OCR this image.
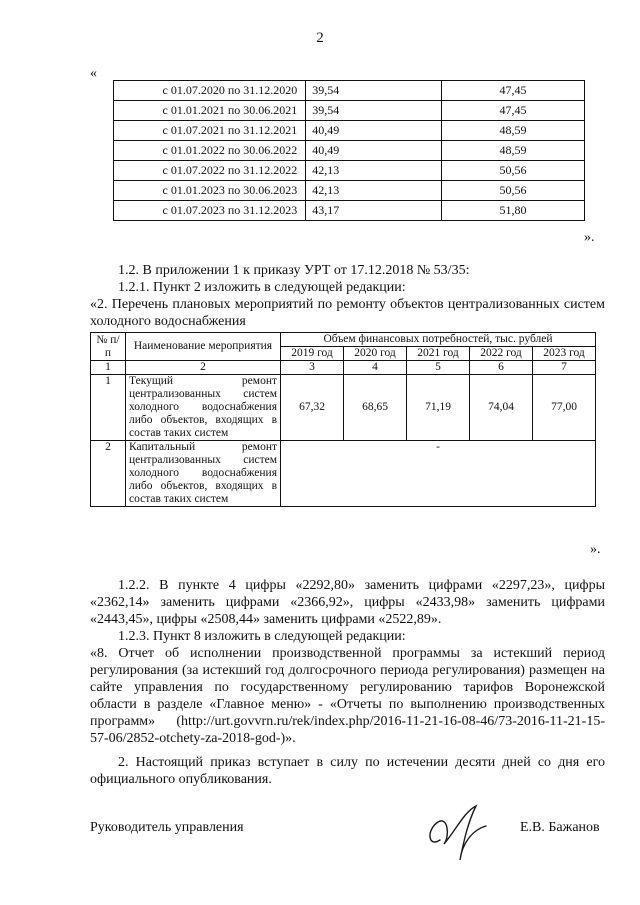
2
«
с 01.07.2020 по 31.12.2020	39,54	47,45
с 01.01.2021 по 30.06.2021	39,54	47,45
с 01.07.2021 по 31.12.2021	40,49	48,59
с 01.01.2022 по 30.06.2022	40,49	48,59
с 01.07.2022 по 31.12.2022	42,13	50,56
с 01.01.2023 по 30.06.2023	42,13	50,56
с 01.07.2023 по 31.12.2023	43,17	51,80
».
1.2. В приложении 1 к приказу УРТ от 17.12.2018 № 53/35:
1.2.1. Пункт 2 изложить в следующей редакции:
«2. Перечень плановых мероприятий по ремонту объектов централизованных систем холодного водоснабжения
№ п/п	Наименование мероприятия	Объем финансовых потребностей, тыс. рублей				
		2019 год	2020 год	2021 год	2022 год	2023 год
1	2	3	4	5	6	7
1	Текущий ремонт централизованных систем холодного водоснабжения либо объектов, входящих в состав таких систем	67,32	68,65	71,19	74,04	77,00
2	Капитальный ремонт централизованных систем холодного водоснабжения либо объектов, входящих в состав таких систем	-				
».
1.2.2. В пункте 4 цифры «2292,80» заменить цифрами «2297,23», цифры «2362,14» заменить цифрами «2366,92», цифры «2433,98» заменить цифрами «2443,45», цифры «2508,44» заменить цифрами «2522,89».
1.2.3. Пункт 8 изложить в следующей редакции:
«8. Отчет об исполнении производственной программы за истекший период регулирования (за истекший год долгосрочного периода регулирования) размещен на сайте управления по государственному регулированию тарифов Воронежской области в разделе «Главное меню» - «Отчеты по выполнению производственных программ» (http://urt.govvrn.ru/rek/index.php/2016-11-21-16-08-46/73-2016-11-21-15-57-06/2852-otchety-za-2018-god-)».
2. Настоящий приказ вступает в силу по истечении десяти дней со дня его официального опубликования.
Руководитель управления	Е.В. Бажанов
